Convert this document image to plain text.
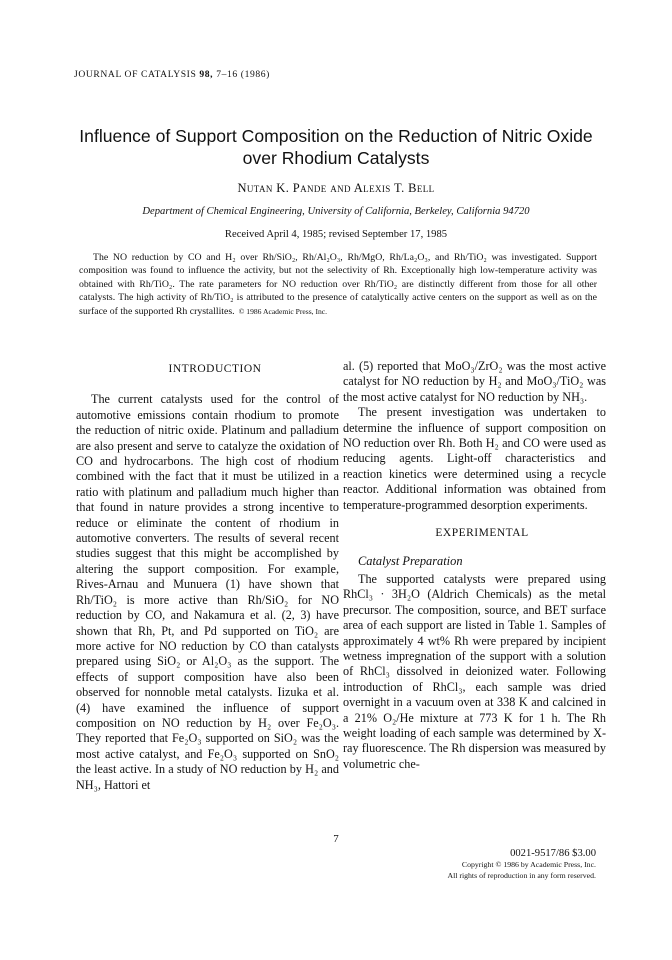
JOURNAL OF CATALYSIS 98, 7–16 (1986)
Influence of Support Composition on the Reduction of Nitric Oxide
over Rhodium Catalysts
Nutan K. Pande and Alexis T. Bell
Department of Chemical Engineering, University of California, Berkeley, California 94720
Received April 4, 1985; revised September 17, 1985

The NO reduction by CO and H₂ over Rh/SiO₂, Rh/Al₂O₃, Rh/MgO, Rh/La₂O₃, and Rh/TiO₂ was investigated. Support composition was found to influence the activity, but not the selectivity of Rh. Exceptionally high low-temperature activity was obtained with Rh/TiO₂. The rate parameters for NO reduction over Rh/TiO₂ are distinctly different from those for all other catalysts. The high activity of Rh/TiO₂ is attributed to the presence of catalytically active centers on the support as well as on the surface of the supported Rh crystallites. © 1986 Academic Press, Inc.

INTRODUCTION

The current catalysts used for the control of automotive emissions contain rhodium to promote the reduction of nitric oxide. Platinum and palladium are also present and serve to catalyze the oxidation of CO and hydrocarbons. The high cost of rhodium combined with the fact that it must be utilized in a ratio with platinum and palladium much higher than that found in nature provides a strong incentive to reduce or eliminate the content of rhodium in automotive converters. The results of several recent studies suggest that this might be accomplished by altering the support composition. For example, Rives-Arnau and Munuera (1) have shown that Rh/TiO₂ is more active than Rh/SiO₂ for NO reduction by CO, and Nakamura et al. (2, 3) have shown that Rh, Pt, and Pd supported on TiO₂ are more active for NO reduction by CO than catalysts prepared using SiO₂ or Al₂O₃ as the support. The effects of support composition have also been observed for nonnoble metal catalysts. Iizuka et al. (4) have examined the influence of support composition on NO reduction by H₂ over Fe₂O₃. They reported that Fe₂O₃ supported on SiO₂ was the most active catalyst, and Fe₂O₃ supported on SnO₂ the least active. In a study of NO reduction by H₂ and NH₃, Hattori et

al. (5) reported that MoO₃/ZrO₂ was the most active catalyst for NO reduction by H₂ and MoO₃/TiO₂ was the most active catalyst for NO reduction by NH₃.

The present investigation was undertaken to determine the influence of support composition on NO reduction over Rh. Both H₂ and CO were used as reducing agents. Light-off characteristics and reaction kinetics were determined using a recycle reactor. Additional information was obtained from temperature-programmed desorption experiments.

EXPERIMENTAL

Catalyst Preparation

The supported catalysts were prepared using RhCl₃ · 3H₂O (Aldrich Chemicals) as the metal precursor. The composition, source, and BET surface area of each support are listed in Table 1. Samples of approximately 4 wt% Rh were prepared by incipient wetness impregnation of the support with a solution of RhCl₃ dissolved in deionized water. Following introduction of RhCl₃, each sample was dried overnight in a vacuum oven at 338 K and calcined in a 21% O₂/He mixture at 773 K for 1 h. The Rh weight loading of each sample was determined by X-ray fluorescence. The Rh dispersion was measured by volumetric che-

7
0021-9517/86 $3.00
Copyright © 1986 by Academic Press, Inc.
All rights of reproduction in any form reserved.
